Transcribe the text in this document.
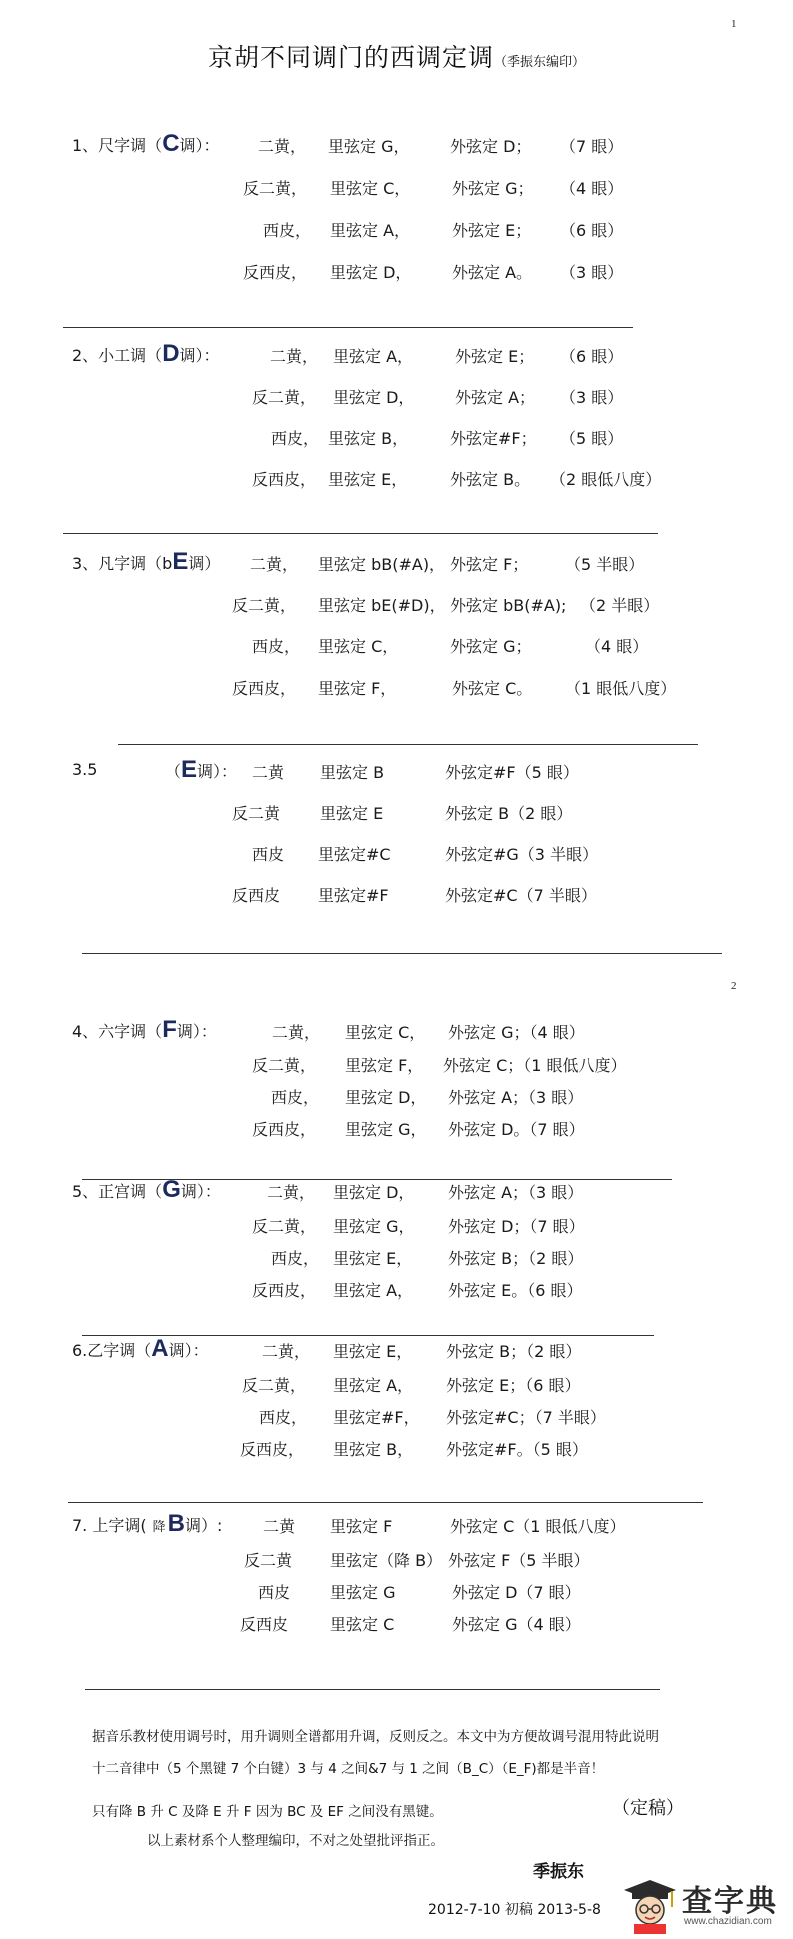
1
2
京胡不同调门的西调定调（季振东编印）
1、尺字调（C调）： 二黄， 里弦定 G，	外弦定 D； （7 眼）
反二黄， 里弦定 C，	外弦定 G； （4 眼）
西皮， 里弦定 A，	外弦定 E； （6 眼）
反西皮， 里弦定 D，	外弦定 A。 （3 眼）
2、小工调（D调）：	二黄， 里弦定 A，	外弦定 E； （6 眼）
反二黄， 里弦定 D，	外弦定 A； （3 眼）
西皮， 里弦定 B，	外弦定#F； （5 眼）
反西皮， 里弦定 E，	外弦定 B。 （2 眼低八度）
3、凡字调（bE调） 二黄， 里弦定 bB(#A)， 外弦定 F； （5 半眼）
反二黄， 里弦定 bE(#D)， 外弦定 bB(#A); （2 半眼）
西皮， 里弦定 C，	外弦定 G；	（4 眼）
反西皮， 里弦定 F，	外弦定 C。 （1 眼低八度）
3.5	（E调）： 二黄 里弦定 B	外弦定#F（5 眼）
反二黄 里弦定 E	外弦定 B（2 眼）
西皮 里弦定#C	外弦定#G（3 半眼）
反西皮 里弦定#F	外弦定#C（7 半眼）
4、六字调（F调）：	二黄， 里弦定 C， 外弦定 G；（4 眼）
反二黄， 里弦定 F， 外弦定 C；（1 眼低八度）
西皮， 里弦定 D， 外弦定 A；（3 眼）
反西皮， 里弦定 G， 外弦定 D。（7 眼）
5、正宫调（G调）：	二黄， 里弦定 D， 外弦定 A；（3 眼）
反二黄， 里弦定 G， 外弦定 D；（7 眼）
西皮， 里弦定 E， 外弦定 B；（2 眼）
反西皮， 里弦定 A， 外弦定 E。（6 眼）
6.乙字调（A调）：	二黄， 里弦定 E， 外弦定 B；（2 眼）
反二黄， 里弦定 A， 外弦定 E；（6 眼）
西皮， 里弦定#F， 外弦定#C；（7 半眼）
反西皮， 里弦定 B， 外弦定#F。（5 眼）
7. 上字调( 降B调）:	二黄 里弦定 F	外弦定 C（1 眼低八度）
反二黄 里弦定（降 B） 外弦定 F（5 半眼）
西皮 里弦定 G	外弦定 D（7 眼）
反西皮	里弦定 C	外弦定 G（4 眼）
据音乐教材使用调号时，用升调则全谱都用升调，反则反之。本文中为方便故调号混用特此说明
十二音律中（5 个黑键 7 个白键）3 与 4 之间&7 与 1 之间（B_C）（E_F)都是半音！
只有降 B 升 C 及降 E 升 F 因为 BC 及 EF 之间没有黑键。	（定稿）
以上素材系个人整理编印，不对之处望批评指正。
季振东
2012-7-10 初稿 2013-5-8	查字典
www.chazidian.com
